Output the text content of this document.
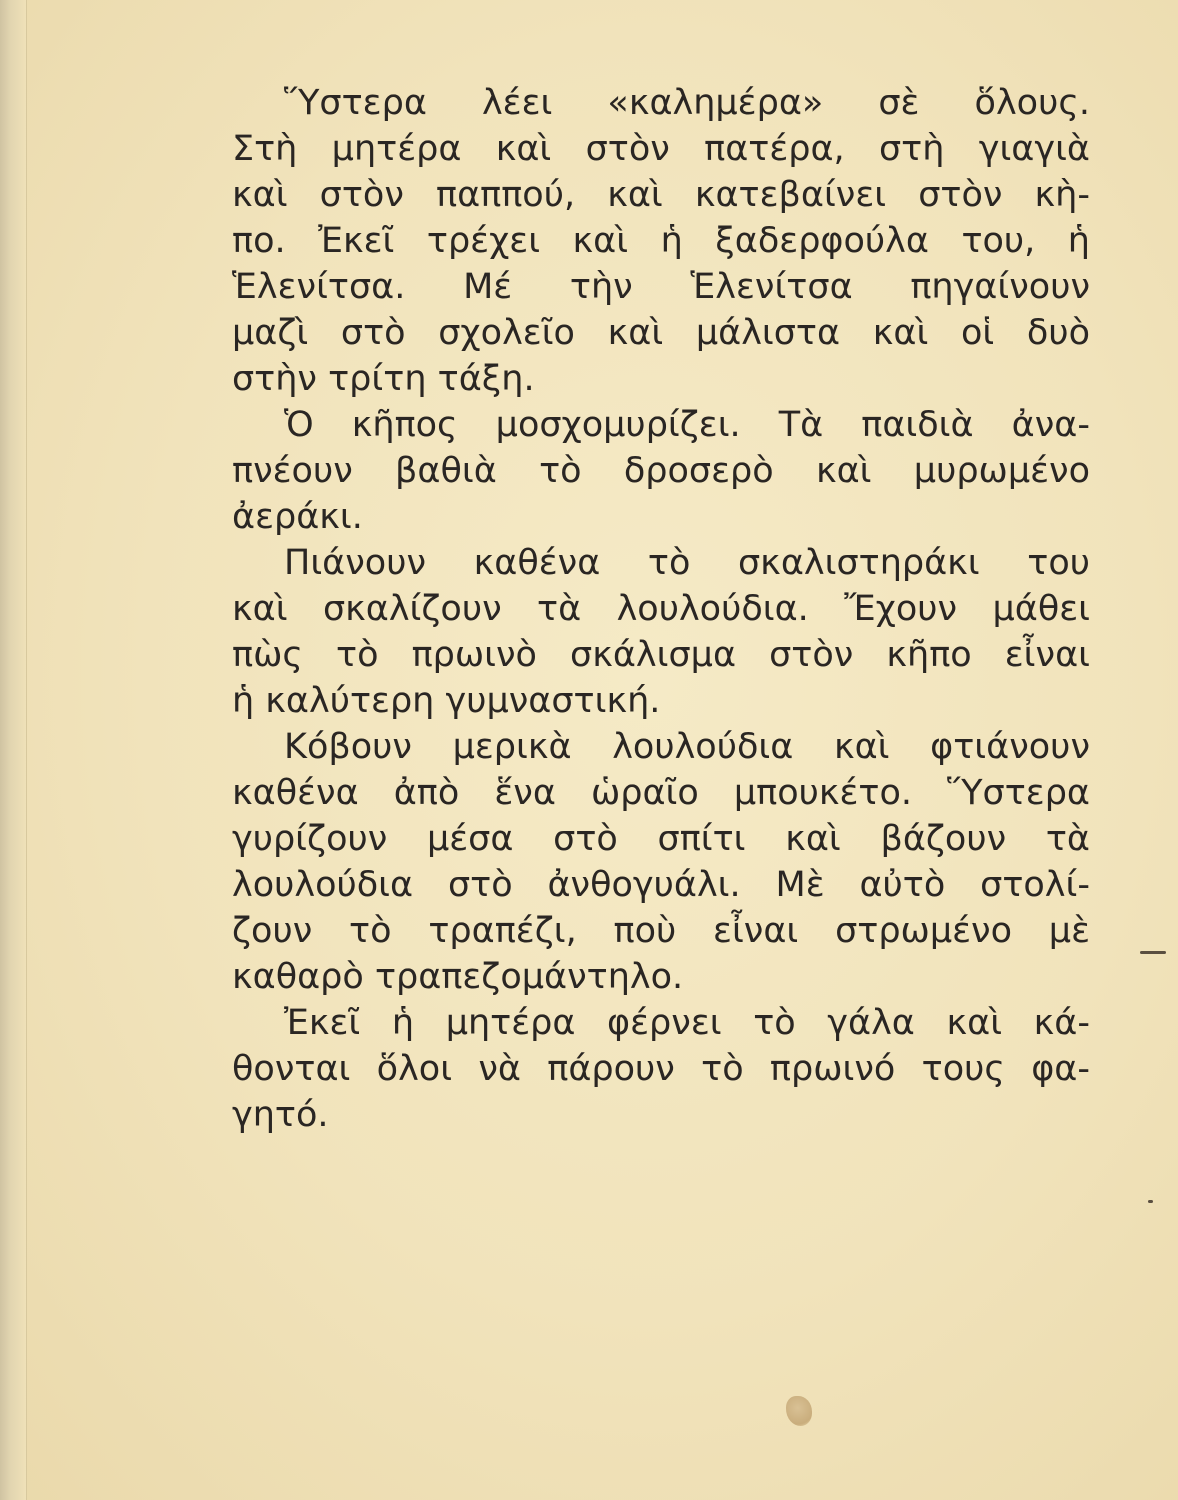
Ὕστερα λέει «καλημέρα» σὲ ὅλους.
Στὴ μητέρα καὶ στὸν πατέρα, στὴ γιαγιὰ
καὶ στὸν παππού, καὶ κατεβαίνει στὸν κὴ-
πο. Ἐκεῖ τρέχει καὶ ἡ ξαδερφούλα του, ἡ
Ἑλενίτσα. Μέ τὴν Ἑλενίτσα πηγαίνουν
μαζὶ στὸ σχολεῖο καὶ μάλιστα καὶ οἱ δυὸ
στὴν τρίτη τάξη.
Ὁ κῆπος μοσχομυρίζει. Τὰ παιδιὰ ἀνα-
πνέουν βαθιὰ τὸ δροσερὸ καὶ μυρωμένο
ἀεράκι.
Πιάνουν καθένα τὸ σκαλιστηράκι του
καὶ σκαλίζουν τὰ λουλούδια. Ἔχουν μάθει
πὼς τὸ πρωινὸ σκάλισμα στὸν κῆπο εἶναι
ἡ καλύτερη γυμναστική.
Κόβουν μερικὰ λουλούδια καὶ φτιάνουν
καθένα ἀπὸ ἕνα ὡραῖο μπουκέτο. Ὕστερα
γυρίζουν μέσα στὸ σπίτι καὶ βάζουν τὰ
λουλούδια στὸ ἀνθογυάλι. Μὲ αὐτὸ στολί-
ζουν τὸ τραπέζι, ποὺ εἶναι στρωμένο μὲ
καθαρὸ τραπεζομάντηλο.
Ἐκεῖ ἡ μητέρα φέρνει τὸ γάλα καὶ κά-
θονται ὅλοι νὰ πάρουν τὸ πρωινό τους φα-
γητό.
